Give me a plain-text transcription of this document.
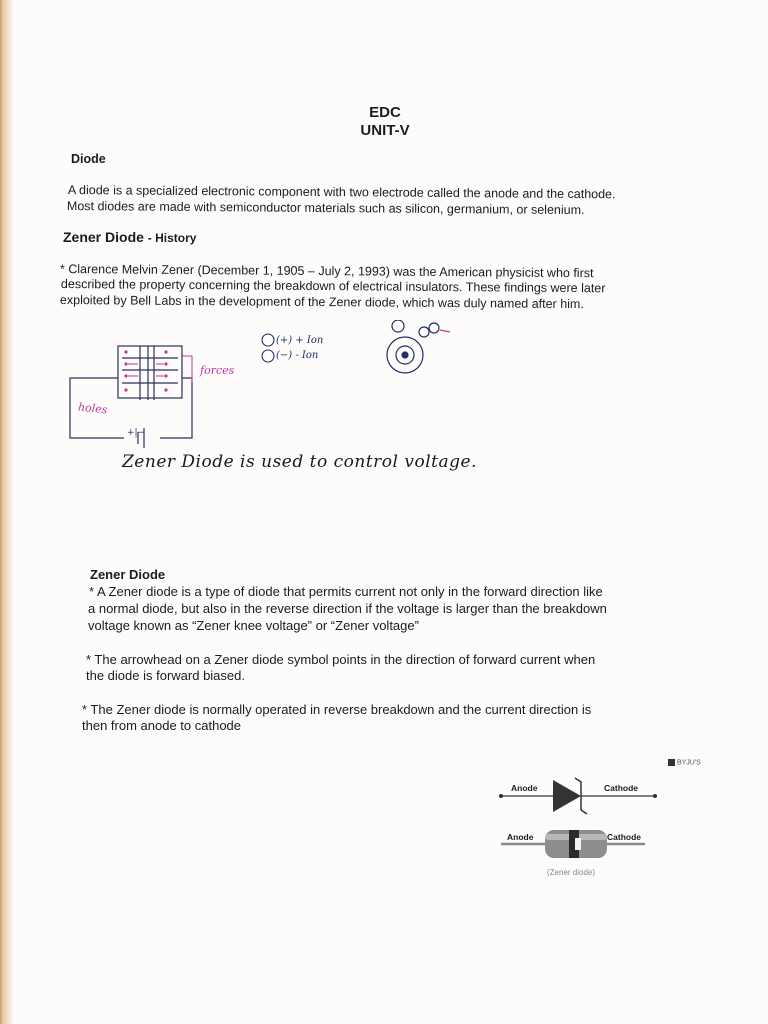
EDC
UNIT-V
Diode
A diode is a specialized electronic component with two electrode called the anode and the cathode.
Most diodes are made with semiconductor materials such as silicon, germanium, or selenium.
Zener Diode - History
* Clarence Melvin Zener (December 1, 1905 – July 2, 1993) was the American physicist who first
described the property concerning the breakdown of electrical insulators. These findings were later
exploited by Bell Labs in the development of the Zener diode, which was duly named after him.
(+) + Ion
(−) - Ion
forces
holes
+|−
Zener Diode is used to control voltage.
Zener Diode
* A Zener diode is a type of diode that permits current not only in the forward direction like
a normal diode, but also in the reverse direction if the voltage is larger than the breakdown
voltage known as “Zener knee voltage” or “Zener voltage”
* The arrowhead on a Zener diode symbol points in the direction of forward current when
the diode is forward biased.
* The Zener diode is normally operated in reverse breakdown and the current direction is
then from anode to cathode
BYJU'S
Anode	Cathode
Anode	Cathode
(Zener diode)
